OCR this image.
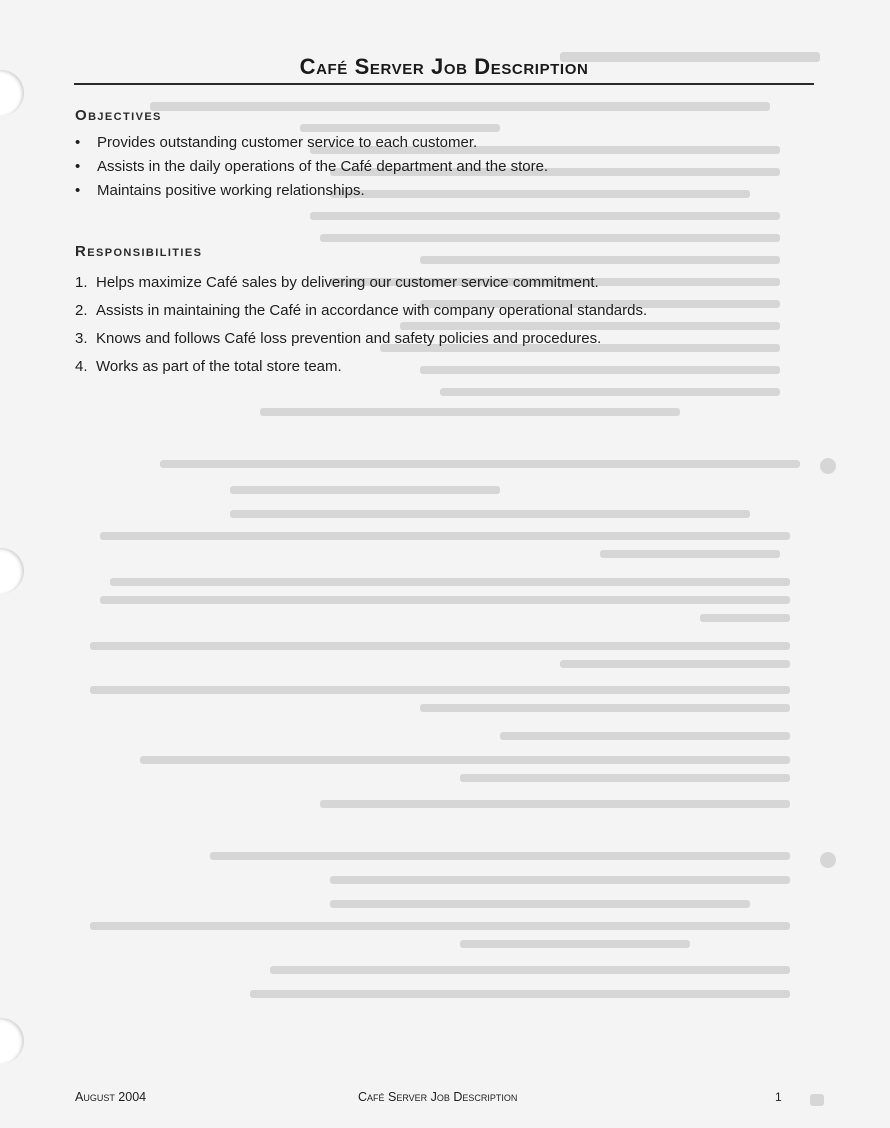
Café Server Job Description
Objectives
• Provides outstanding customer service to each customer.
• Assists in the daily operations of the Café department and the store.
• Maintains positive working relationships.
Responsibilities
1. Helps maximize Café sales by delivering our customer service commitment.
2. Assists in maintaining the Café in accordance with company operational standards.
3. Knows and follows Café loss prevention and safety policies and procedures.
4. Works as part of the total store team.
August 2004	Café Server Job Description	1
